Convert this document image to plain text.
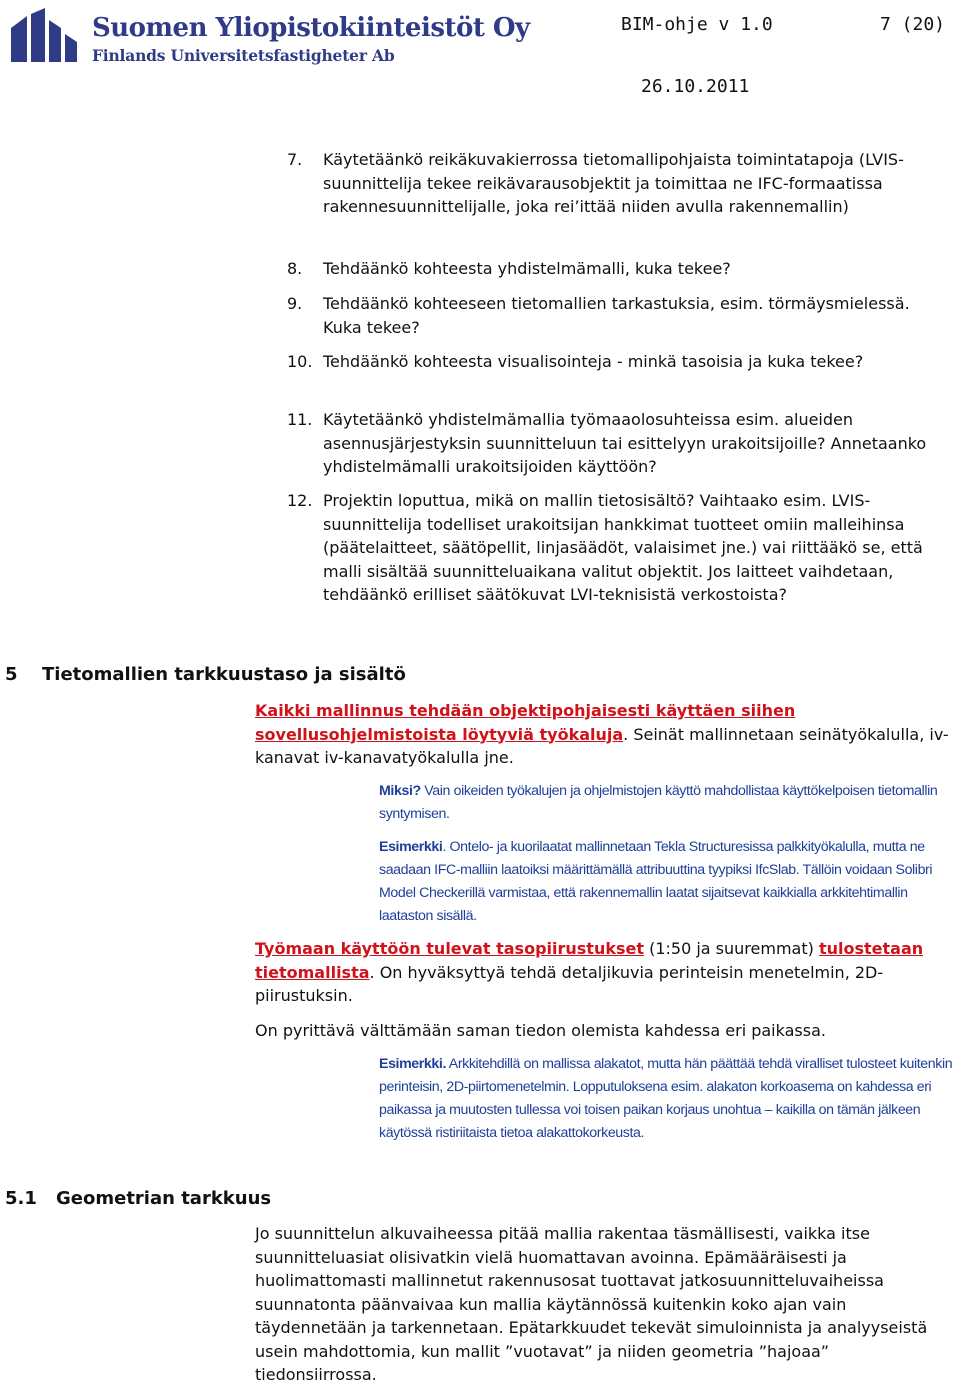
Suomen Yliopistokiinteistöt Oy
Finlands Universitetsfastigheter Ab
BIM-ohje v 1.0	7 (20)
26.10.2011
7. Käytetäänkö reikäkuvakierrossa tietomallipohjaista toimintatapoja (LVIS-suunnittelija tekee reikävarausobjektit ja toimittaa ne IFC-formaatissa rakennesuunnittelijalle, joka rei’ittää niiden avulla rakennemallin)
8. Tehdäänkö kohteesta yhdistelmämalli, kuka tekee?
9. Tehdäänkö kohteeseen tietomallien tarkastuksia, esim. törmäysmielessä. Kuka tekee?
10. Tehdäänkö kohteesta visualisointeja - minkä tasoisia ja kuka tekee?
11. Käytetäänkö yhdistelmämallia työmaaolosuhteissa esim. alueiden asennusjärjestyksin suunnitteluun tai esittelyyn urakoitsijoille? Annetaanko yhdistelmämalli urakoitsijoiden käyttöön?
12. Projektin loputtua, mikä on mallin tietosisältö? Vaihtaako esim. LVIS-suunnittelija todelliset urakoitsijan hankkimat tuotteet omiin malleihinsa (päätelaitteet, säätöpellit, linjasäädöt, valaisimet jne.) vai riittääkö se, että malli sisältää suunnitteluaikana valitut objektit. Jos laitteet vaihdetaan, tehdäänkö erilliset säätökuvat LVI-teknisistä verkostoista?
5 Tietomallien tarkkuustaso ja sisältö
Kaikki mallinnus tehdään objektipohjaisesti käyttäen siihen sovellusohjelmistoista löytyviä työkaluja. Seinät mallinnetaan seinätyökalulla, iv-kanavat iv-kanavatyökalulla jne.
Miksi? Vain oikeiden työkalujen ja ohjelmistojen käyttö mahdollistaa käyttökelpoisen tietomallin syntymisen.
Esimerkki. Ontelo- ja kuorilaatat mallinnetaan Tekla Structuresissa palkkityökalulla, mutta ne saadaan IFC-malliin laatoiksi määrittämällä attribuuttina tyypiksi IfcSlab. Tällöin voidaan Solibri Model Checkerillä varmistaa, että rakennemallin laatat sijaitsevat kaikkialla arkkitehtimallin laataston sisällä.
Työmaan käyttöön tulevat tasopiirustukset (1:50 ja suuremmat) tulostetaan tietomallista. On hyväksyttyä tehdä detaljikuvia perinteisin menetelmin, 2D-piirustuksin.
On pyrittävä välttämään saman tiedon olemista kahdessa eri paikassa.
Esimerkki. Arkkitehdillä on mallissa alakatot, mutta hän päättää tehdä viralliset tulosteet kuitenkin perinteisin, 2D-piirtomenetelmin. Lopputuloksena esim. alakaton korkoasema on kahdessa eri paikassa ja muutosten tullessa voi toisen paikan korjaus unohtua – kaikilla on tämän jälkeen käytössä ristiriitaista tietoa alakattokorkeusta.
5.1 Geometrian tarkkuus
Jo suunnittelun alkuvaiheessa pitää mallia rakentaa täsmällisesti, vaikka itse suunnitteluasiat olisivatkin vielä huomattavan avoinna. Epämääräisesti ja huolimattomasti mallinnetut rakennusosat tuottavat jatkosuunnitteluvaiheissa suunnatonta päänvaivaa kun mallia käytännössä kuitenkin koko ajan vain täydennetään ja tarkennetaan. Epätarkkuudet tekevät simuloinnista ja analyyseistä usein mahdottomia, kun mallit ”vuotavat” ja niiden geometria ”hajoaa” tiedonsiirrossa.
